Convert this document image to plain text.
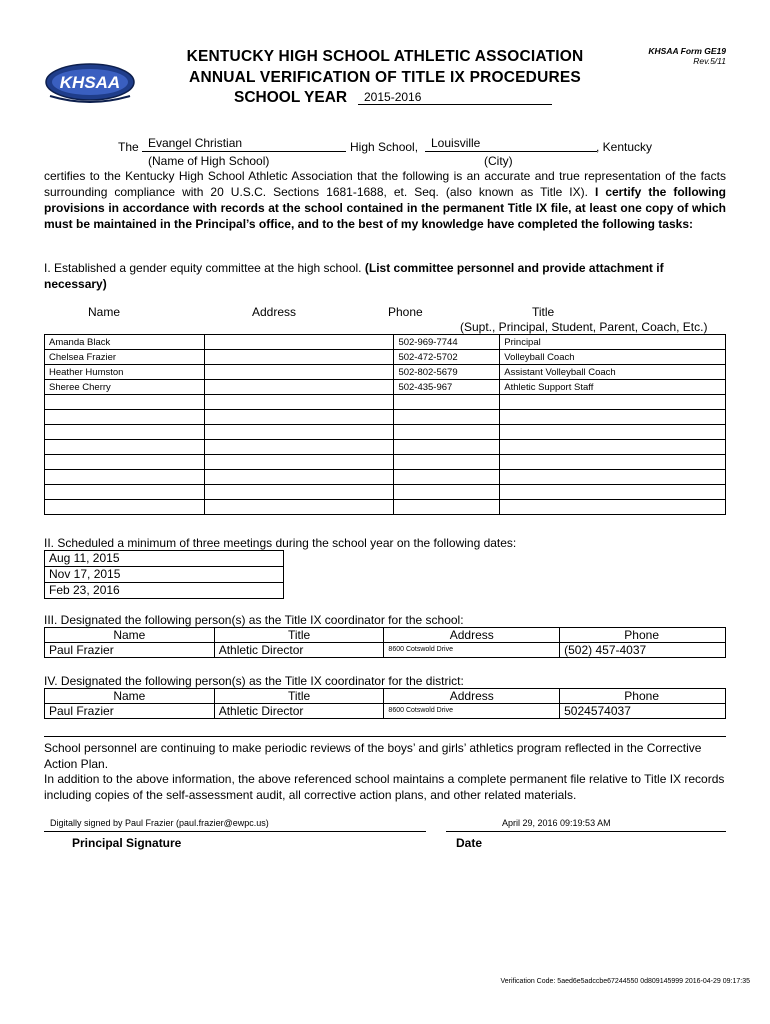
KHSAA
KHSAA Form GE19
Rev.5/11
KENTUCKY HIGH SCHOOL ATHLETIC ASSOCIATION
ANNUAL VERIFICATION OF TITLE IX PROCEDURES
SCHOOL YEAR 2015-2016
The Evangel Christian	High School,	Louisville	, Kentucky
(Name of High School)	(City)
certifies to the Kentucky High School Athletic Association that the following is an accurate and true representation of the facts surrounding compliance with 20 U.S.C. Sections 1681-1688, et. Seq. (also known as Title IX). I certify the following provisions in accordance with records at the school contained in the permanent Title IX file, at least one copy of which must be maintained in the Principal’s office, and to the best of my knowledge have completed the following tasks:
I. Established a gender equity committee at the high school. (List committee personnel and provide attachment if necessary)
Name	Address	Phone	Title
(Supt., Principal, Student, Parent, Coach, Etc.)
Amanda Black		502-969-7744	Principal
Chelsea Frazier		502-472-5702	Volleyball Coach
Heather Humston		502-802-5679	Assistant Volleyball Coach
Sheree Cherry		502-435-967	Athletic Support Staff

II. Scheduled a minimum of three meetings during the school year on the following dates:
Aug 11, 2015
Nov 17, 2015
Feb 23, 2016
III. Designated the following person(s) as the Title IX coordinator for the school:
Name	Title	Address	Phone
Paul Frazier	Athletic Director	8600 Cotswold Drive	(502) 457-4037
IV. Designated the following person(s) as the Title IX coordinator for the district:
Name	Title	Address	Phone
Paul Frazier	Athletic Director	8600 Cotswold Drive	5024574037
School personnel are continuing to make periodic reviews of the boys’ and girls’ athletics program reflected in the Corrective Action Plan.
In addition to the above information, the above referenced school maintains a complete permanent file relative to Title IX records including copies of the self-assessment audit, all corrective action plans, and other related materials.
Digitally signed by Paul Frazier (paul.frazier@ewpc.us)	April 29, 2016 09:19:53 AM
Principal Signature	Date
Verification Code: 5aed6e5adccbe67244550 0d809145999 2016-04-29 09:17:35
